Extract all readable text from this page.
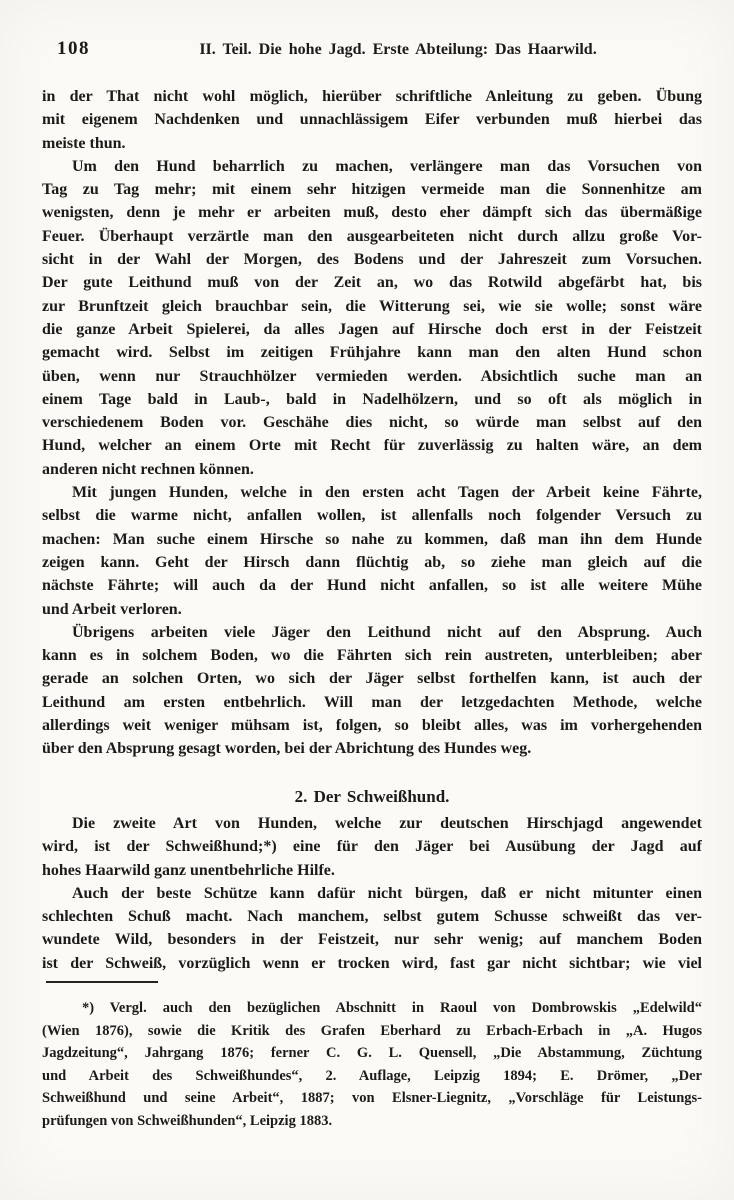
108	II. Teil. Die hohe Jagd. Erste Abteilung: Das Haarwild.
in der That nicht wohl möglich, hierüber schriftliche Anleitung zu geben. Übung
mit eigenem Nachdenken und unnachlässigem Eifer verbunden muß hierbei das
meiste thun.
Um den Hund beharrlich zu machen, verlängere man das Vorsuchen von
Tag zu Tag mehr; mit einem sehr hitzigen vermeide man die Sonnenhitze am
wenigsten, denn je mehr er arbeiten muß, desto eher dämpft sich das übermäßige
Feuer. Überhaupt verzärtle man den ausgearbeiteten nicht durch allzu große Vor-
sicht in der Wahl der Morgen, des Bodens und der Jahreszeit zum Vorsuchen.
Der gute Leithund muß von der Zeit an, wo das Rotwild abgefärbt hat, bis
zur Brunftzeit gleich brauchbar sein, die Witterung sei, wie sie wolle; sonst wäre
die ganze Arbeit Spielerei, da alles Jagen auf Hirsche doch erst in der Feistzeit
gemacht wird. Selbst im zeitigen Frühjahre kann man den alten Hund schon
üben, wenn nur Strauchhölzer vermieden werden. Absichtlich suche man an
einem Tage bald in Laub-, bald in Nadelhölzern, und so oft als möglich in
verschiedenem Boden vor. Geschähe dies nicht, so würde man selbst auf den
Hund, welcher an einem Orte mit Recht für zuverlässig zu halten wäre, an dem
anderen nicht rechnen können.
Mit jungen Hunden, welche in den ersten acht Tagen der Arbeit keine Fährte,
selbst die warme nicht, anfallen wollen, ist allenfalls noch folgender Versuch zu
machen: Man suche einem Hirsche so nahe zu kommen, daß man ihn dem Hunde
zeigen kann. Geht der Hirsch dann flüchtig ab, so ziehe man gleich auf die
nächste Fährte; will auch da der Hund nicht anfallen, so ist alle weitere Mühe
und Arbeit verloren.
Übrigens arbeiten viele Jäger den Leithund nicht auf den Absprung. Auch
kann es in solchem Boden, wo die Fährten sich rein austreten, unterbleiben; aber
gerade an solchen Orten, wo sich der Jäger selbst forthelfen kann, ist auch der
Leithund am ersten entbehrlich. Will man der letzgedachten Methode, welche
allerdings weit weniger mühsam ist, folgen, so bleibt alles, was im vorhergehenden
über den Absprung gesagt worden, bei der Abrichtung des Hundes weg.
2. Der Schweißhund.
Die zweite Art von Hunden, welche zur deutschen Hirschjagd angewendet
wird, ist der Schweißhund;*) eine für den Jäger bei Ausübung der Jagd auf
hohes Haarwild ganz unentbehrliche Hilfe.
Auch der beste Schütze kann dafür nicht bürgen, daß er nicht mitunter einen
schlechten Schuß macht. Nach manchem, selbst gutem Schusse schweißt das ver-
wundete Wild, besonders in der Feistzeit, nur sehr wenig; auf manchem Boden
ist der Schweiß, vorzüglich wenn er trocken wird, fast gar nicht sichtbar; wie viel
*) Vergl. auch den bezüglichen Abschnitt in Raoul von Dombrowskis „Edelwild“
(Wien 1876), sowie die Kritik des Grafen Eberhard zu Erbach-Erbach in „A. Hugos
Jagdzeitung“, Jahrgang 1876; ferner C. G. L. Quensell, „Die Abstammung, Züchtung
und Arbeit des Schweißhundes“, 2. Auflage, Leipzig 1894; E. Drömer, „Der
Schweißhund und seine Arbeit“, 1887; von Elsner-Liegnitz, „Vorschläge für Leistungs-
prüfungen von Schweißhunden“, Leipzig 1883.
